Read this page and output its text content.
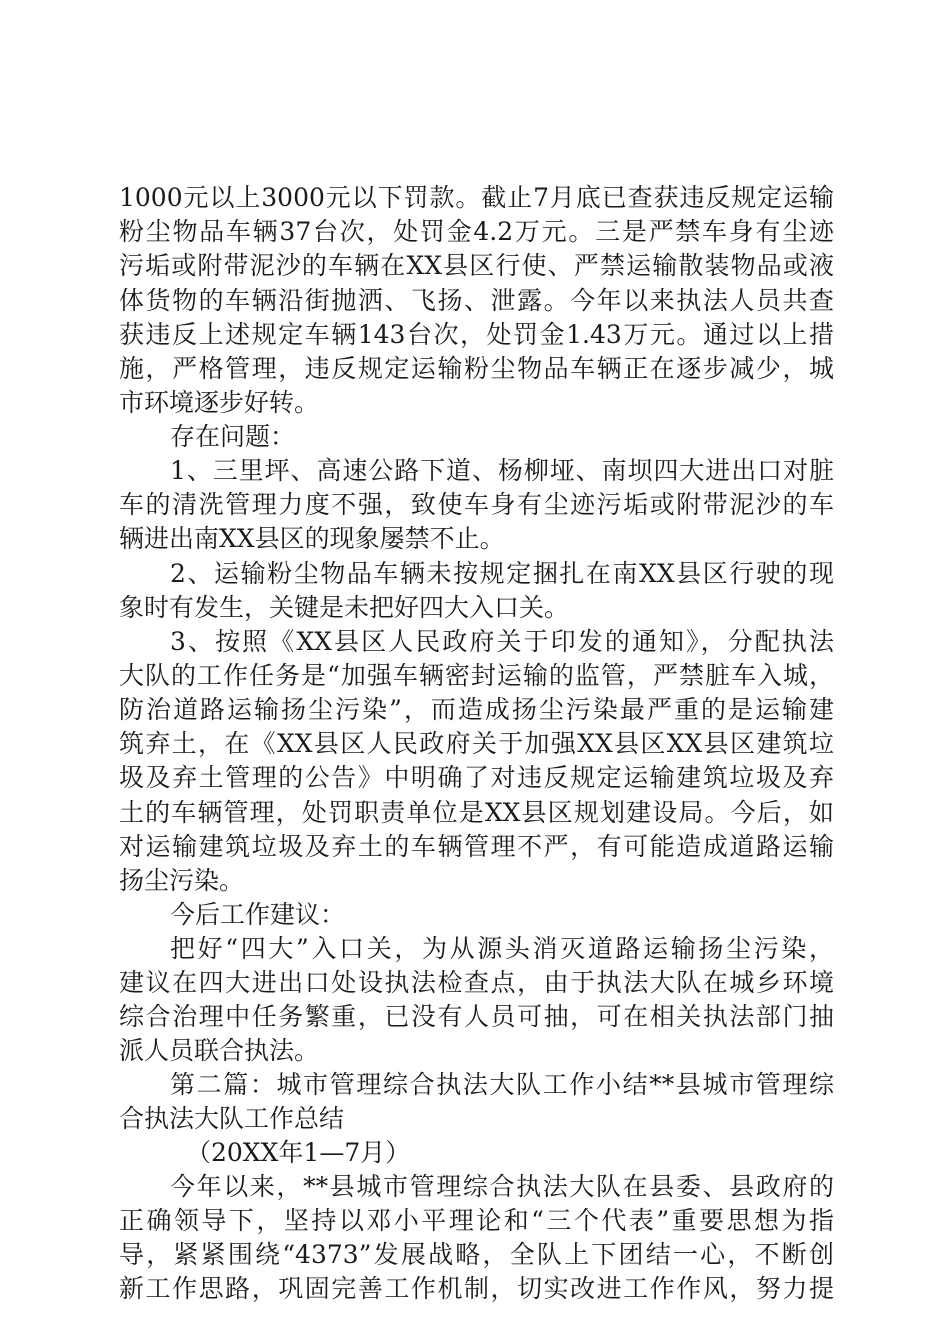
1000元以上3000元以下罚款。截止7月底已查获违反规定运输
粉尘物品车辆37台次，处罚金4.2万元。三是严禁车身有尘迹
污垢或附带泥沙的车辆在XX县区行使、严禁运输散装物品或液
体货物的车辆沿街抛洒、飞扬、泄露。今年以来执法人员共查
获违反上述规定车辆143台次，处罚金1.43万元。通过以上措
施，严格管理，违反规定运输粉尘物品车辆正在逐步减少，城
市环境逐步好转。
存在问题：
1、三里坪、高速公路下道、杨柳垭、南坝四大进出口对脏
车的清洗管理力度不强，致使车身有尘迹污垢或附带泥沙的车
辆进出南XX县区的现象屡禁不止。
2、运输粉尘物品车辆未按规定捆扎在南XX县区行驶的现
象时有发生，关键是未把好四大入口关。
3、按照《XX县区人民政府关于印发的通知》，分配执法
大队的工作任务是“加强车辆密封运输的监管，严禁脏车入城，
防治道路运输扬尘污染”，而造成扬尘污染最严重的是运输建
筑弃土，在《XX县区人民政府关于加强XX县区XX县区建筑垃
圾及弃土管理的公告》中明确了对违反规定运输建筑垃圾及弃
土的车辆管理，处罚职责单位是XX县区规划建设局。今后，如
对运输建筑垃圾及弃土的车辆管理不严，有可能造成道路运输
扬尘污染。
今后工作建议：
把好“四大”入口关，为从源头消灭道路运输扬尘污染，
建议在四大进出口处设执法检查点，由于执法大队在城乡环境
综合治理中任务繁重，已没有人员可抽，可在相关执法部门抽
派人员联合执法。
第二篇：城市管理综合执法大队工作小结**县城市管理综
合执法大队工作总结
（20XX年1—7月）
今年以来，**县城市管理综合执法大队在县委、县政府的
正确领导下，坚持以邓小平理论和“三个代表”重要思想为指
导，紧紧围绕“4373”发展战略，全队上下团结一心，不断创
新工作思路，巩固完善工作机制，切实改进工作作风，努力提
